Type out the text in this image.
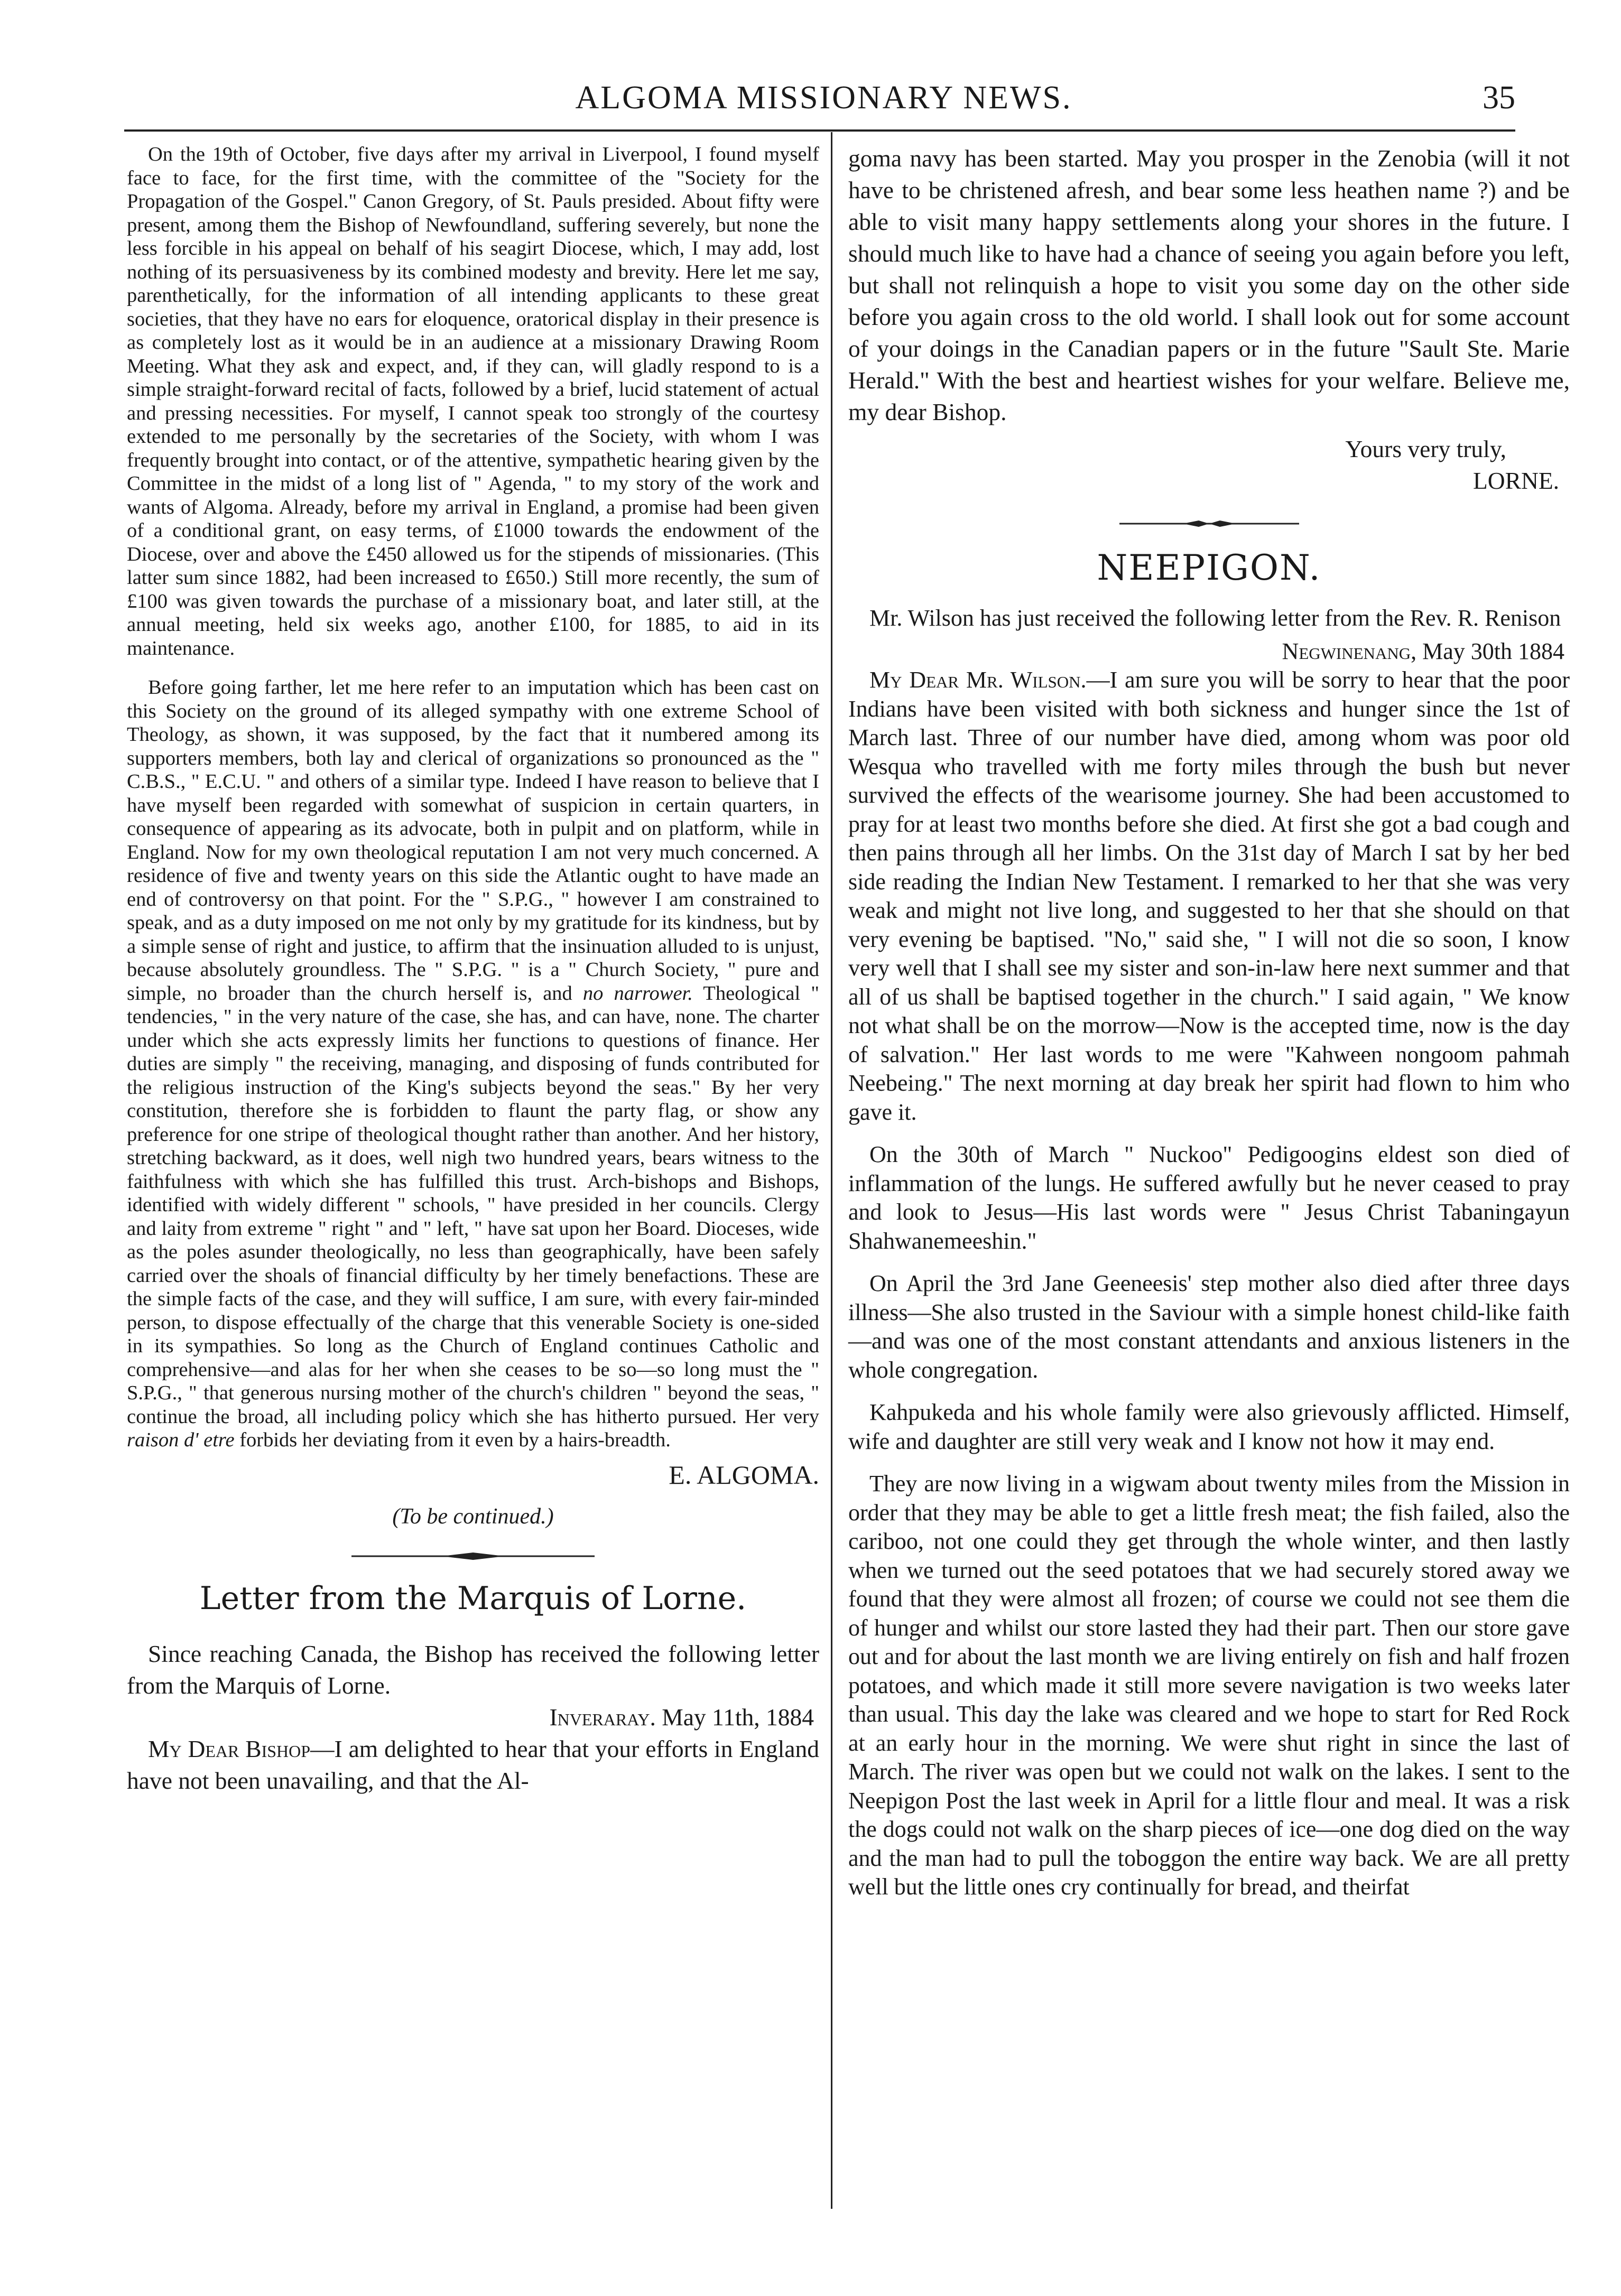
ALGOMA MISSIONARY NEWS.	35

On the 19th of October, five days after my arrival in Liverpool, I found myself face to face, for the first time, with the committee of the "Society for the Propagation of the Gospel." Canon Gregory, of St. Pauls presided. About fifty were present, among them the Bishop of Newfoundland, suffering severely, but none the less forcible in his appeal on behalf of his seagirt Diocese, which, I may add, lost nothing of its persuasiveness by its combined modesty and brevity. Here let me say, parenthetically, for the information of all intending applicants to these great societies, that they have no ears for eloquence, oratorical display in their presence is as completely lost as it would be in an audience at a missionary Drawing Room Meeting. What they ask and expect, and, if they can, will gladly respond to is a simple straight-forward recital of facts, followed by a brief, lucid statement of actual and pressing necessities. For myself, I cannot speak too strongly of the courtesy extended to me personally by the secretaries of the Society, with whom I was frequently brought into contact, or of the attentive, sympathetic hearing given by the Committee in the midst of a long list of " Agenda, " to my story of the work and wants of Algoma. Already, before my arrival in England, a promise had been given of a conditional grant, on easy terms, of £1000 towards the endowment of the Diocese, over and above the £450 allowed us for the stipends of missionaries. (This latter sum since 1882, had been increased to £650.) Still more recently, the sum of £100 was given towards the purchase of a missionary boat, and later still, at the annual meeting, held six weeks ago, another £100, for 1885, to aid in its maintenance.

Before going farther, let me here refer to an imputation which has been cast on this Society on the ground of its alleged sympathy with one extreme School of Theology, as shown, it was supposed, by the fact that it numbered among its supporters members, both lay and clerical of organizations so pronounced as the " C.B.S., " E.C.U. " and others of a similar type. Indeed I have reason to believe that I have myself been regarded with somewhat of suspicion in certain quarters, in consequence of appearing as its advocate, both in pulpit and on platform, while in England. Now for my own theological reputation I am not very much concerned. A residence of five and twenty years on this side the Atlantic ought to have made an end of controversy on that point. For the " S.P.G., " however I am constrained to speak, and as a duty imposed on me not only by my gratitude for its kindness, but by a simple sense of right and justice, to affirm that the insinuation alluded to is unjust, because absolutely groundless. The " S.P.G. " is a " Church Society, " pure and simple, no broader than the church herself is, and no narrower. Theological " tendencies, " in the very nature of the case, she has, and can have, none. The charter under which she acts expressly limits her functions to questions of finance. Her duties are simply " the receiving, managing, and disposing of funds contributed for the religious instruction of the King's subjects beyond the seas." By her very constitution, therefore she is forbidden to flaunt the party flag, or show any preference for one stripe of theological thought rather than another. And her history, stretching backward, as it does, well nigh two hundred years, bears witness to the faithfulness with which she has fulfilled this trust. Arch-bishops and Bishops, identified with widely different " schools, " have presided in her councils. Clergy and laity from extreme " right " and " left, " have sat upon her Board. Dioceses, wide as the poles asunder theologically, no less than geographically, have been safely carried over the shoals of financial difficulty by her timely benefactions. These are the simple facts of the case, and they will suffice, I am sure, with every fair-minded person, to dispose effectually of the charge that this venerable Society is one-sided in its sympathies. So long as the Church of England continues Catholic and comprehensive—and alas for her when she ceases to be so—so long must the " S.P.G., " that generous nursing mother of the church's children " beyond the seas, " continue the broad, all including policy which she has hitherto pursued. Her very raison d' etre forbids her deviating from it even by a hairs-breadth.

E. ALGOMA.
(To be continued.)
Letter from the Marquis of Lorne.

Since reaching Canada, the Bishop has received the following letter from the Marquis of Lorne.

Inveraray. May 11th, 1884

My Dear Bishop—I am delighted to hear that your efforts in England have not been unavailing, and that the Al-

goma navy has been started. May you prosper in the Zenobia (will it not have to be christened afresh, and bear some less heathen name ?) and be able to visit many happy settlements along your shores in the future. I should much like to have had a chance of seeing you again before you left, but shall not relinquish a hope to visit you some day on the other side before you again cross to the old world. I shall look out for some account of your doings in the Canadian papers or in the future "Sault Ste. Marie Herald." With the best and heartiest wishes for your welfare. Believe me, my dear Bishop.

Yours very truly,

LORNE.

NEEPIGON.

Mr. Wilson has just received the following letter from the Rev. R. Renison

Negwinenang, May 30th 1884

My Dear Mr. Wilson.—I am sure you will be sorry to hear that the poor Indians have been visited with both sickness and hunger since the 1st of March last. Three of our number have died, among whom was poor old Wesqua who travelled with me forty miles through the bush but never survived the effects of the wearisome journey. She had been accustomed to pray for at least two months before she died. At first she got a bad cough and then pains through all her limbs. On the 31st day of March I sat by her bed side reading the Indian New Testament. I remarked to her that she was very weak and might not live long, and suggested to her that she should on that very evening be baptised. "No," said she, " I will not die so soon, I know very well that I shall see my sister and son-in-law here next summer and that all of us shall be baptised together in the church." I said again, " We know not what shall be on the morrow—Now is the accepted time, now is the day of salvation." Her last words to me were "Kahween nongoom pahmah Neebeing." The next morning at day break her spirit had flown to him who gave it.

On the 30th of March " Nuckoo" Pedigoogins eldest son died of inflammation of the lungs. He suffered awfully but he never ceased to pray and look to Jesus—His last words were " Jesus Christ Tabaningayun Shahwanemeeshin."

On April the 3rd Jane Geeneesis' step mother also died after three days illness—She also trusted in the Saviour with a simple honest child-like faith—and was one of the most constant attendants and anxious listeners in the whole congregation.

Kahpukeda and his whole family were also grievously afflicted. Himself, wife and daughter are still very weak and I know not how it may end.

They are now living in a wigwam about twenty miles from the Mission in order that they may be able to get a little fresh meat; the fish failed, also the cariboo, not one could they get through the whole winter, and then lastly when we turned out the seed potatoes that we had securely stored away we found that they were almost all frozen; of course we could not see them die of hunger and whilst our store lasted they had their part. Then our store gave out and for about the last month we are living entirely on fish and half frozen potatoes, and which made it still more severe navigation is two weeks later than usual. This day the lake was cleared and we hope to start for Red Rock at an early hour in the morning. We were shut right in since the last of March. The river was open but we could not walk on the lakes. I sent to the Neepigon Post the last week in April for a little flour and meal. It was a risk the dogs could not walk on the sharp pieces of ice—one dog died on the way and the man had to pull the toboggon the entire way back. We are all pretty well but the little ones cry continually for bread, and theirfat
